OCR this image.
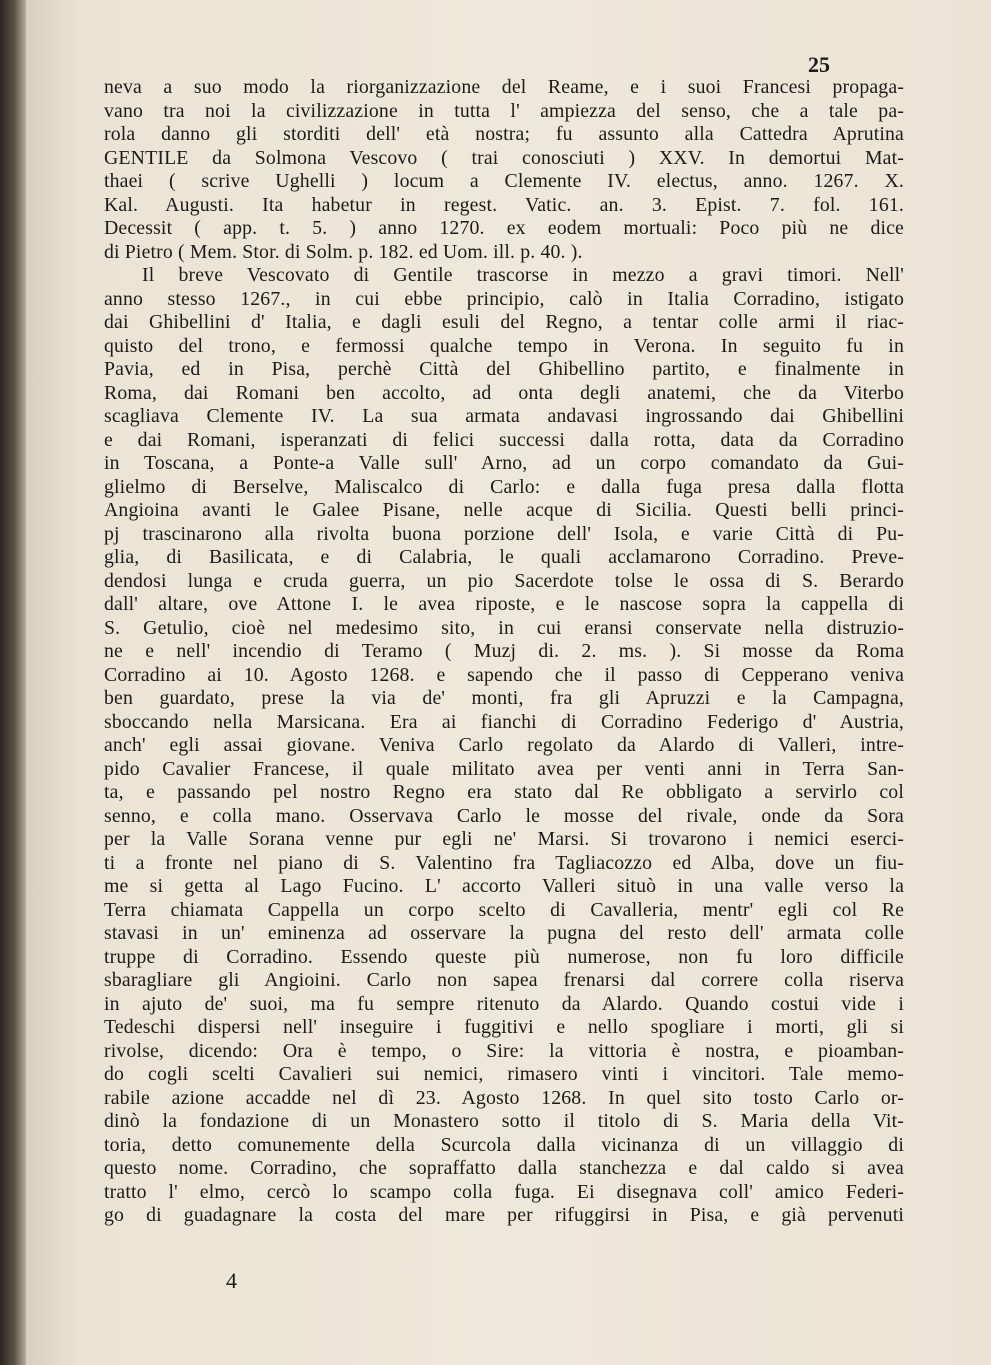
25
neva a suo modo la riorganizzazione del Reame, e i suoi Francesi propaga-
vano tra noi la civilizzazione in tutta l' ampiezza del senso, che a tale pa-
rola danno gli storditi dell' età nostra; fu assunto alla Cattedra Aprutina
GENTILE da Solmona Vescovo ( trai conosciuti ) XXV. In demortui Mat-
thaei ( scrive Ughelli ) locum a Clemente IV. electus, anno. 1267. X.
Kal. Augusti. Ita habetur in regest. Vatic. an. 3. Epist. 7. fol. 161.
Decessit ( app. t. 5. ) anno 1270. ex eodem mortuali: Poco più ne dice
di Pietro ( Mem. Stor. di Solm. p. 182. ed Uom. ill. p. 40. ).
Il breve Vescovato di Gentile trascorse in mezzo a gravi timori. Nell'
anno stesso 1267., in cui ebbe principio, calò in Italia Corradino, istigato
dai Ghibellini d' Italia, e dagli esuli del Regno, a tentar colle armi il riac-
quisto del trono, e fermossi qualche tempo in Verona. In seguito fu in
Pavia, ed in Pisa, perchè Città del Ghibellino partito, e finalmente in
Roma, dai Romani ben accolto, ad onta degli anatemi, che da Viterbo
scagliava Clemente IV. La sua armata andavasi ingrossando dai Ghibellini
e dai Romani, isperanzati di felici successi dalla rotta, data da Corradino
in Toscana, a Ponte-a Valle sull' Arno, ad un corpo comandato da Gui-
glielmo di Berselve, Maliscalco di Carlo: e dalla fuga presa dalla flotta
Angioina avanti le Galee Pisane, nelle acque di Sicilia. Questi belli princi-
pj trascinarono alla rivolta buona porzione dell' Isola, e varie Città di Pu-
glia, di Basilicata, e di Calabria, le quali acclamarono Corradino. Preve-
dendosi lunga e cruda guerra, un pio Sacerdote tolse le ossa di S. Berardo
dall' altare, ove Attone I. le avea riposte, e le nascose sopra la cappella di
S. Getulio, cioè nel medesimo sito, in cui eransi conservate nella distruzio-
ne e nell' incendio di Teramo ( Muzj di. 2. ms. ). Si mosse da Roma
Corradino ai 10. Agosto 1268. e sapendo che il passo di Cepperano veniva
ben guardato, prese la via de' monti, fra gli Apruzzi e la Campagna,
sboccando nella Marsicana. Era ai fianchi di Corradino Federigo d' Austria,
anch' egli assai giovane. Veniva Carlo regolato da Alardo di Valleri, intre-
pido Cavalier Francese, il quale militato avea per venti anni in Terra San-
ta, e passando pel nostro Regno era stato dal Re obbligato a servirlo col
senno, e colla mano. Osservava Carlo le mosse del rivale, onde da Sora
per la Valle Sorana venne pur egli ne' Marsi. Si trovarono i nemici eserci-
ti a fronte nel piano di S. Valentino fra Tagliacozzo ed Alba, dove un fiu-
me si getta al Lago Fucino. L' accorto Valleri situò in una valle verso la
Terra chiamata Cappella un corpo scelto di Cavalleria, mentr' egli col Re
stavasi in un' eminenza ad osservare la pugna del resto dell' armata colle
truppe di Corradino. Essendo queste più numerose, non fu loro difficile
sbaragliare gli Angioini. Carlo non sapea frenarsi dal correre colla riserva
in ajuto de' suoi, ma fu sempre ritenuto da Alardo. Quando costui vide i
Tedeschi dispersi nell' inseguire i fuggitivi e nello spogliare i morti, gli si
rivolse, dicendo: Ora è tempo, o Sire: la vittoria è nostra, e pioamban-
do cogli scelti Cavalieri sui nemici, rimasero vinti i vincitori. Tale memo-
rabile azione accadde nel dì 23. Agosto 1268. In quel sito tosto Carlo or-
dinò la fondazione di un Monastero sotto il titolo di S. Maria della Vit-
toria, detto comunemente della Scurcola dalla vicinanza di un villaggio di
questo nome. Corradino, che sopraffatto dalla stanchezza e dal caldo si avea
tratto l' elmo, cercò lo scampo colla fuga. Ei disegnava coll' amico Federi-
go di guadagnare la costa del mare per rifuggirsi in Pisa, e già pervenuti
4
